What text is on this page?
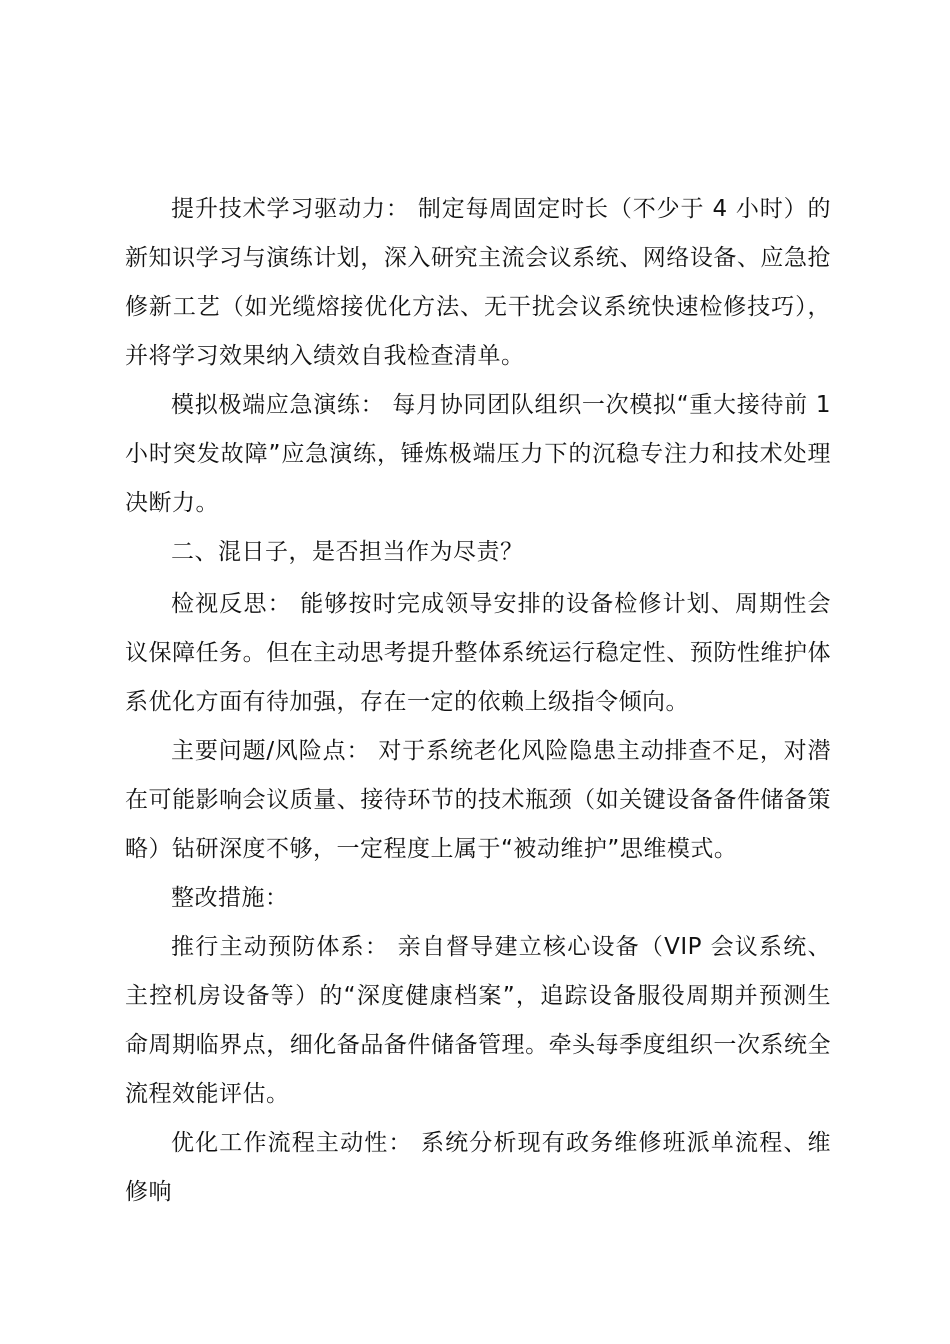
提升技术学习驱动力： 制定每周固定时长（不少于 4 小时）的新知识学习与演练计划，深入研究主流会议系统、网络设备、应急抢修新工艺（如光缆熔接优化方法、无干扰会议系统快速检修技巧），并将学习效果纳入绩效自我检查清单。

模拟极端应急演练： 每月协同团队组织一次模拟“重大接待前 1 小时突发故障”应急演练，锤炼极端压力下的沉稳专注力和技术处理决断力。

二、混日子，是否担当作为尽责？

检视反思： 能够按时完成领导安排的设备检修计划、周期性会议保障任务。但在主动思考提升整体系统运行稳定性、预防性维护体系优化方面有待加强，存在一定的依赖上级指令倾向。

主要问题/风险点： 对于系统老化风险隐患主动排查不足，对潜在可能影响会议质量、接待环节的技术瓶颈（如关键设备备件储备策略）钻研深度不够，一定程度上属于“被动维护”思维模式。

整改措施：

推行主动预防体系： 亲自督导建立核心设备（VIP 会议系统、主控机房设备等）的“深度健康档案”，追踪设备服役周期并预测生命周期临界点，细化备品备件储备管理。牵头每季度组织一次系统全流程效能评估。

优化工作流程主动性： 系统分析现有政务维修班派单流程、维修响
